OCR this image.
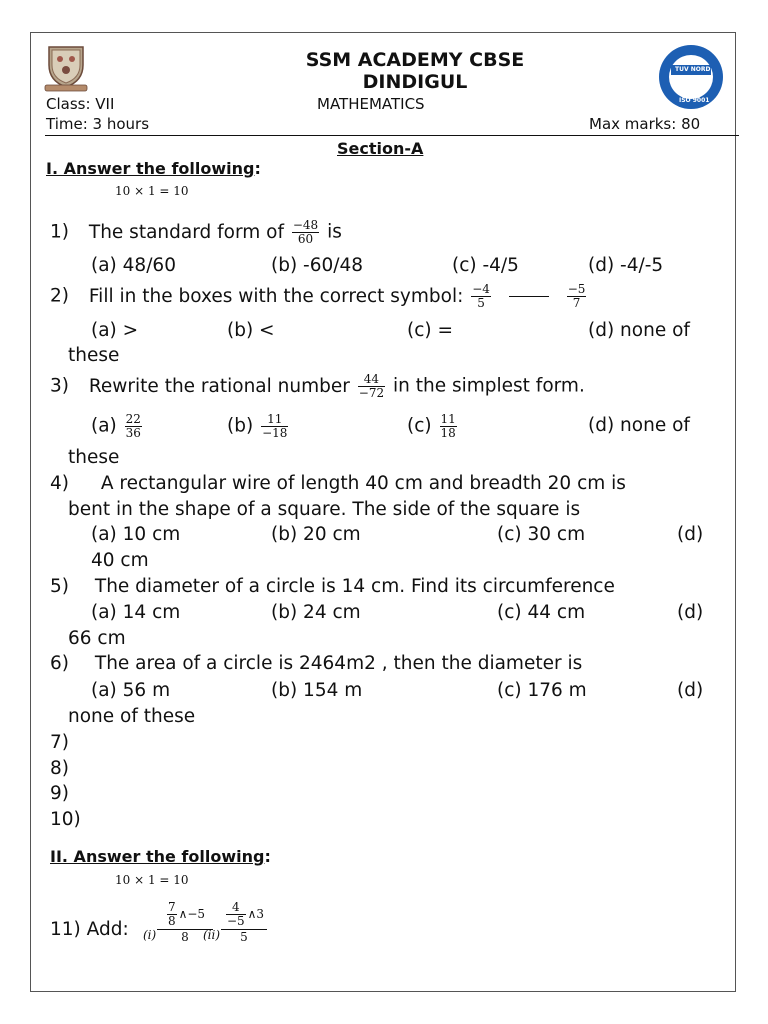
TUV NORD
ISO 9001
SSM ACADEMY CBSE
DINDIGUL
MATHEMATICS
Class: VII
Time: 3 hours	Max marks: 80
Section-A
I. Answer the following:
10 × 1 = 10
1) The standard form of $\frac{-48}{60}$ is
(a) 48/60	(b) -60/48	(c) -4/5	(d) -4/-5
2) Fill in the boxes with the correct symbol: $\frac{-4}{5}$
	$\frac{-5}{7}$
(a) >	(b) <	(c) =	(d) none of
these
3) Rewrite the rational number $\frac{44}{-72}$ in the simplest form.
$(a) \frac{22}{36}$	$(b) \frac{11}{-18}$	$(c) \frac{11}{18}$	(d) none of
these
4) A rectangular wire of length 40 cm and breadth 20 cm is
bent in the shape of a square. The side of the square is
(a) 10 cm	(b) 20 cm	(c) 30 cm	(d)
40 cm
5) The diameter of a circle is 14 cm. Find its circumference
(a) 14 cm	(b) 24 cm	(c) 44 cm	(d)
66 cm
6) The area of a circle is 2464m2 , then the diameter is
(a) 56 m	(b) 154 m	(c) 176 m	(d)
none of these
7)
8)
9)
10)
II. Answer the following:
10 × 1 = 10
11) Add: (i)
$\frac{7}{8}$ ∧−5
8	(ii)
$\frac{4}{-5}$ ∧3
5
